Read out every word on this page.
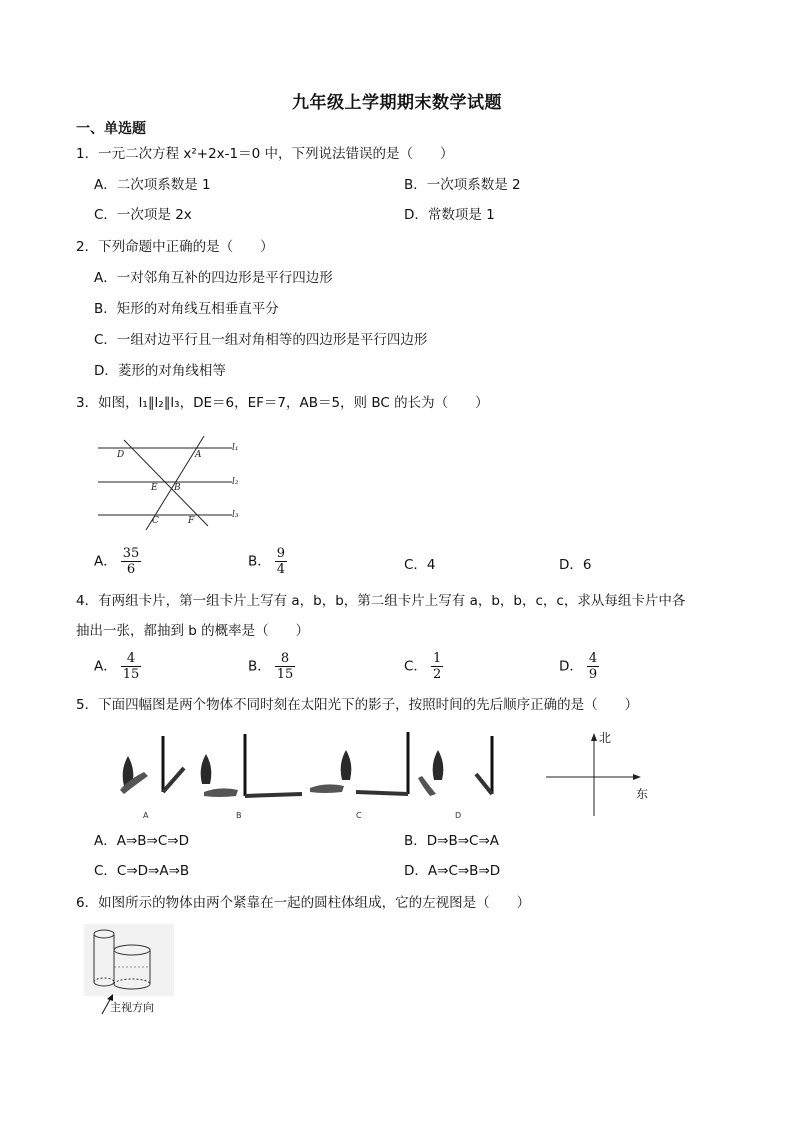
九年级上学期期末数学试题
一、单选题
1．一元二次方程 x²+2x-1＝0 中，下列说法错误的是（　　）
A．二次项系数是 1	B．一次项系数是 2
C．一次项是 2x	D．常数项是 1
2．下列命题中正确的是（　　）
A．一对邻角互补的四边形是平行四边形
B．矩形的对角线互相垂直平分
C．一组对边平行且一组对角相等的四边形是平行四边形
D．菱形的对角线相等
3．如图，l₁∥l₂∥l₃，DE＝6，EF＝7，AB＝5，则 BC 的长为（　　）
D	A
E B
C	F
l₁
l₂
l₃
A． $\frac{35}{6}$	B． $\frac{9}{4}$	C．4	D．6
4．有两组卡片，第一组卡片上写有 a，b，b，第二组卡片上写有 a，b，b，c，c，求从每组卡片中各
抽出一张，都抽到 b 的概率是（　　）
A． $\frac{4}{15}$	B． $\frac{8}{15}$	C． $\frac{1}{2}$	D． $\frac{4}{9}$
5．下面四幅图是两个物体不同时刻在太阳光下的影子，按照时间的先后顺序正确的是（　　）
A	B	C	D
北
东
A．A⇒B⇒C⇒D	B．D⇒B⇒C⇒A
C．C⇒D⇒A⇒B	D．A⇒C⇒B⇒D
6．如图所示的物体由两个紧靠在一起的圆柱体组成，它的左视图是（　　）
主视方向
